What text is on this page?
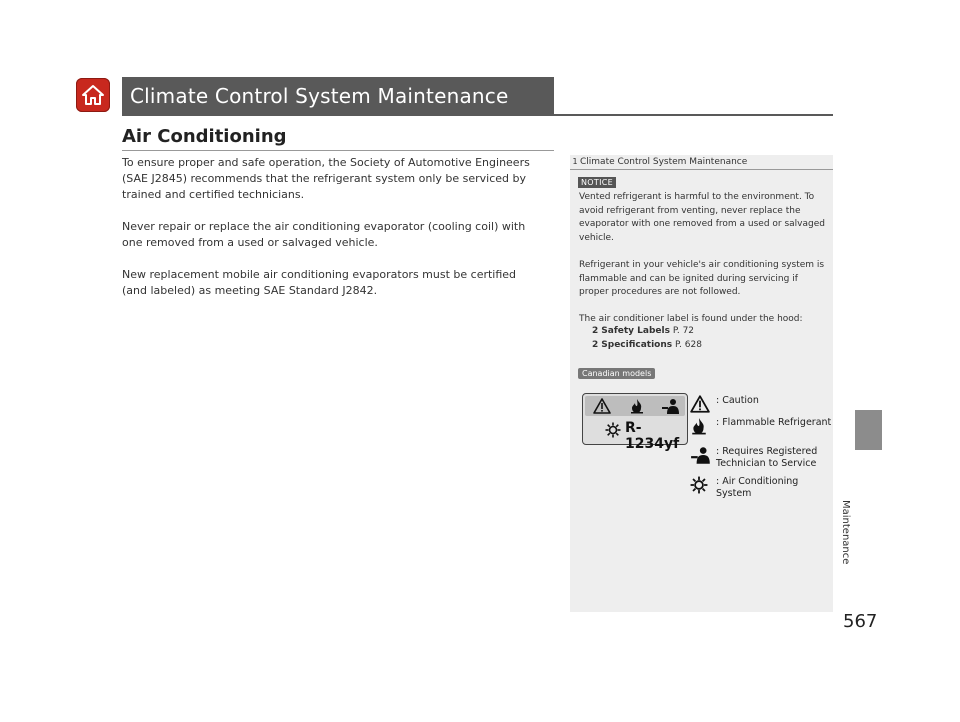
Climate Control System Maintenance
Air Conditioning

To ensure proper and safe operation, the Society of Automotive Engineers (SAE J2845) recommends that the refrigerant system only be serviced by trained and certified technicians.

Never repair or replace the air conditioning evaporator (cooling coil) with one removed from a used or salvaged vehicle.

New replacement mobile air conditioning evaporators must be certified (and labeled) as meeting SAE Standard J2842.

1 Climate Control System Maintenance
NOTICE
Vented refrigerant is harmful to the environment. To avoid refrigerant from venting, never replace the evaporator with one removed from a used or salvaged vehicle.
Refrigerant in your vehicle's air conditioning system is flammable and can be ignited during servicing if proper procedures are not followed.
The air conditioner label is found under the hood:
2 Safety Labels P. 72
2 Specifications P. 628
Canadian models
R-1234yf
: Caution
: Flammable Refrigerant
: Requires Registered Technician to Service
: Air Conditioning System
Maintenance
567
